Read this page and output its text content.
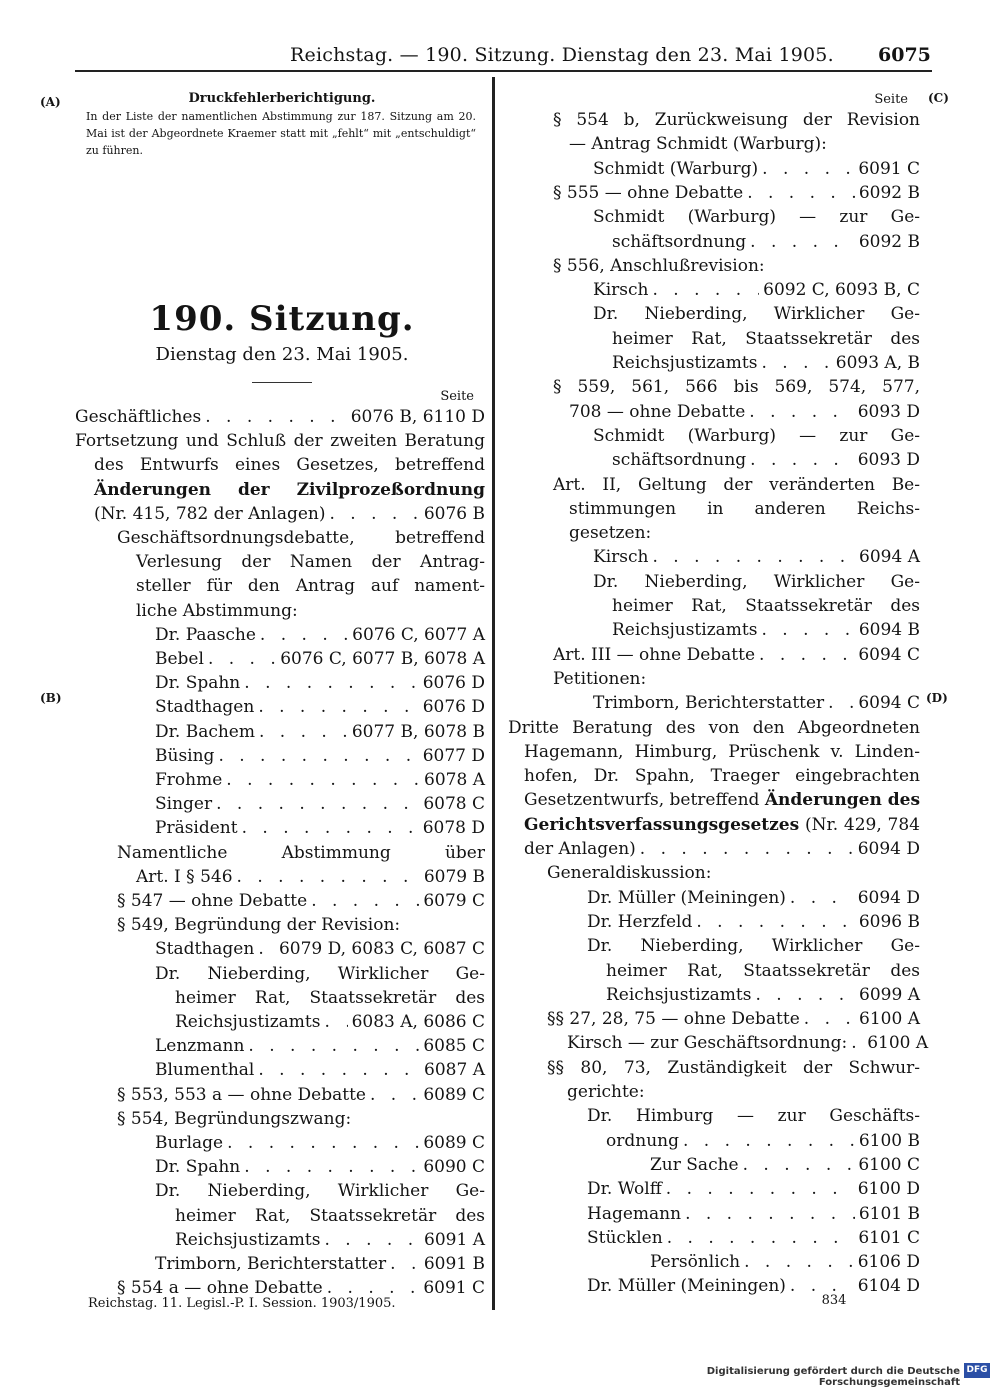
Reichstag. — 190. Sitzung. Dienstag den 23. Mai 1905. 6075
(A)
(B)
(C)
(D)
Druckfehlerberichtigung.
In der Liste der namentlichen Abstimmung zur 187. Sitzung am 20. Mai ist der Abgeordnete Kraemer statt mit „fehlt“ mit „entschuldigt“ zu führen.
190. Sitzung.
Dienstag den 23. Mai 1905.
Seite
Seite
Geschäftliches . . .	6076 B, 6110 D
Fortsetzung und Schluß der zweiten Beratung
des Entwurfs eines Gesetzes, betreffend
Änderungen der Zivilprozeßordnung
(Nr. 415, 782 der Anlagen) . . .	6076 B
Geschäftsordnungsdebatte, betreffend
Verlesung der Namen der Antrag-
steller für den Antrag auf nament-
liche Abstimmung:
Dr. Paasche . . .	6076 C, 6077 A
Bebel . . .	6076 C, 6077 B, 6078 A
Dr. Spahn . . .	6076 D
Stadthagen . . .	6076 D
Dr. Bachem . . .	6077 B, 6078 B
Büsing . . .	6077 D
Frohme . . .	6078 A
Singer . . .	6078 C
Präsident . . .	6078 D
Namentliche Abstimmung über
Art. I § 546 . . .	6079 B
§ 547 — ohne Debatte . . .	6079 C
§ 549, Begründung der Revision:
Stadthagen . . . 6079 D, 6083 C, 6087 C
Dr. Nieberding, Wirklicher Ge-
heimer Rat, Staatssekretär des
Reichsjustizamts . . . 6083 A, 6086 C
Lenzmann . . .	6085 C
Blumenthal . . .	6087 A
§ 553, 553 a — ohne Debatte . . .	6089 C
§ 554, Begründungszwang:
Burlage . . .	6089 C
Dr. Spahn . . .	6090 C
Dr. Nieberding, Wirklicher Ge-
heimer Rat, Staatssekretär des
Reichsjustizamts . . .	6091 A
Trimborn, Berichterstatter . . . 6091 B
§ 554 a — ohne Debatte . . .	6091 C
§ 554 b, Zurückweisung der Revision
— Antrag Schmidt (Warburg):
Schmidt (Warburg) . . .	6091 C
§ 555 — ohne Debatte . . .	6092 B
Schmidt (Warburg) — zur Ge-
schäftsordnung . . .	6092 B
§ 556, Anschlußrevision:
Kirsch . . .	6092 C, 6093 B, C
Dr. Nieberding, Wirklicher Ge-
heimer Rat, Staatssekretär des
Reichsjustizamts . . .	6093 A, B
§ 559, 561, 566 bis 569, 574, 577,
708 — ohne Debatte . . .	6093 D
Schmidt (Warburg) — zur Ge-
schäftsordnung . . .	6093 D
Art. II, Geltung der veränderten Be-
stimmungen in anderen Reichs-
gesetzen:
Kirsch . . .	6094 A
Dr. Nieberding, Wirklicher Ge-
heimer Rat, Staatssekretär des
Reichsjustizamts . . .	6094 B
Art. III — ohne Debatte . . .	6094 C
Petitionen:
Trimborn, Berichterstatter . . . 6094 C
Dritte Beratung des von den Abgeordneten
Hagemann, Himburg, Prüschenk v. Linden-
hofen, Dr. Spahn, Traeger eingebrachten
Gesetzentwurfs, betreffend Änderungen des
Gerichtsverfassungsgesetzes (Nr. 429, 784
der Anlagen) . . .	6094 D
Generaldiskussion:
Dr. Müller (Meiningen) . . .	6094 D
Dr. Herzfeld . . .	6096 B
Dr. Nieberding, Wirklicher Ge-
heimer Rat, Staatssekretär des
Reichsjustizamts . . .	6099 A
§§ 27, 28, 75 — ohne Debatte . . .	6100 A
Kirsch — zur Geschäftsordnung: . . . 6100 A
§§ 80, 73, Zuständigkeit der Schwur-
gerichte:
Dr. Himburg — zur Geschäfts-
ordnung . . .	6100 B
Zur Sache . . .	6100 C
Dr. Wolff . . .	6100 D
Hagemann . . .	6101 B
Stücklen . . .	6101 C
Persönlich . . .	6106 D
Dr. Müller (Meiningen) . . .	6104 D
Reichstag. 11. Legisl.-P. I. Session. 1903/1905.	834
Digitalisierung gefördert durch die Deutsche Forschungsgemeinschaft
DFG
